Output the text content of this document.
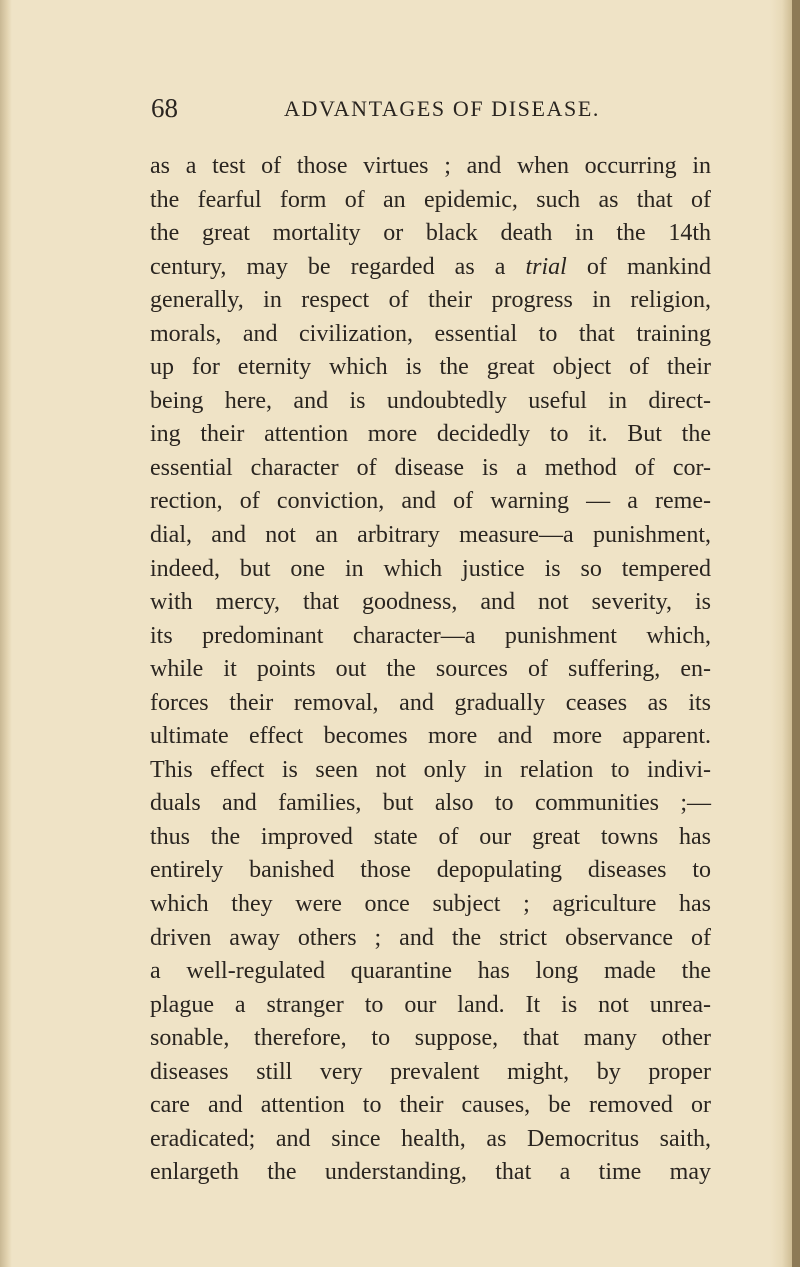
68	ADVANTAGES OF DISEASE.
as a test of those virtues ; and when occurring in
the fearful form of an epidemic, such as that of
the great mortality or black death in the 14th
century, may be regarded as a trial of mankind
generally, in respect of their progress in religion,
morals, and civilization, essential to that training
up for eternity which is the great object of their
being here, and is undoubtedly useful in direct-
ing their attention more decidedly to it. But the
essential character of disease is a method of cor-
rection, of conviction, and of warning — a reme-
dial, and not an arbitrary measure—a punishment,
indeed, but one in which justice is so tempered
with mercy, that goodness, and not severity, is
its predominant character—a punishment which,
while it points out the sources of suffering, en-
forces their removal, and gradually ceases as its
ultimate effect becomes more and more apparent.
This effect is seen not only in relation to indivi-
duals and families, but also to communities ;—
thus the improved state of our great towns has
entirely banished those depopulating diseases to
which they were once subject ; agriculture has
driven away others ; and the strict observance of
a well-regulated quarantine has long made the
plague a stranger to our land. It is not unrea-
sonable, therefore, to suppose, that many other
diseases still very prevalent might, by proper
care and attention to their causes, be removed or
eradicated; and since health, as Democritus saith,
enlargeth the understanding, that a time may
